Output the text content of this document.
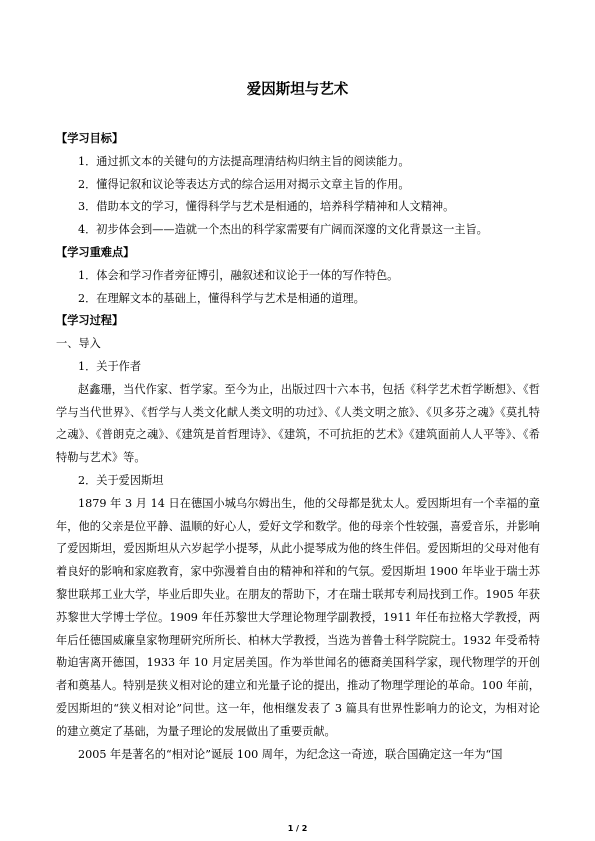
爱因斯坦与艺术
【学习目标】
1．通过抓文本的关键句的方法提高理清结构归纳主旨的阅读能力。
2．懂得记叙和议论等表达方式的综合运用对揭示文章主旨的作用。
3．借助本文的学习，懂得科学与艺术是相通的，培养科学精神和人文精神。
4．初步体会到——造就一个杰出的科学家需要有广阔而深邃的文化背景这一主旨。
【学习重难点】
1．体会和学习作者旁征博引，融叙述和议论于一体的写作特色。
2．在理解文本的基础上，懂得科学与艺术是相通的道理。
【学习过程】
一、导入
1．关于作者
赵鑫珊，当代作家、哲学家。至今为止，出版过四十六本书，包括《科学艺术哲学断想》、《哲学与当代世界》、《哲学与人类文化献人类文明的功过》、《人类文明之旅》、《贝多芬之魂》《莫扎特之魂》、《普朗克之魂》、《建筑是首哲理诗》、《建筑，不可抗拒的艺术》《建筑面前人人平等》、《希特勒与艺术》等。
2．关于爱因斯坦
1879 年 3 月 14 日在德国小城乌尔姆出生，他的父母都是犹太人。爱因斯坦有一个幸福的童年，他的父亲是位平静、温顺的好心人，爱好文学和数学。他的母亲个性较强，喜爱音乐，并影响了爱因斯坦，爱因斯坦从六岁起学小提琴，从此小提琴成为他的终生伴侣。爱因斯坦的父母对他有着良好的影响和家庭教育，家中弥漫着自由的精神和祥和的气氛。爱因斯坦 1900 年毕业于瑞士苏黎世联邦工业大学，毕业后即失业。在朋友的帮助下，才在瑞士联邦专利局找到工作。1905 年获苏黎世大学博士学位。1909 年任苏黎世大学理论物理学副教授，1911 年任布拉格大学教授，两年后任德国威廉皇家物理研究所所长、柏林大学教授，当选为普鲁士科学院院士。1932 年受希特勒迫害离开德国，1933 年 10 月定居美国。作为举世闻名的德裔美国科学家，现代物理学的开创者和奠基人。特别是狭义相对论的建立和光量子论的提出，推动了物理学理论的革命。100 年前，爱因斯坦的“狭义相对论”问世。这一年，他相继发表了 3 篇具有世界性影响力的论文，为相对论的建立奠定了基础，为量子理论的发展做出了重要贡献。
2005 年是著名的“相对论”诞辰 100 周年，为纪念这一奇迹，联合国确定这一年为“国
1 / 2
